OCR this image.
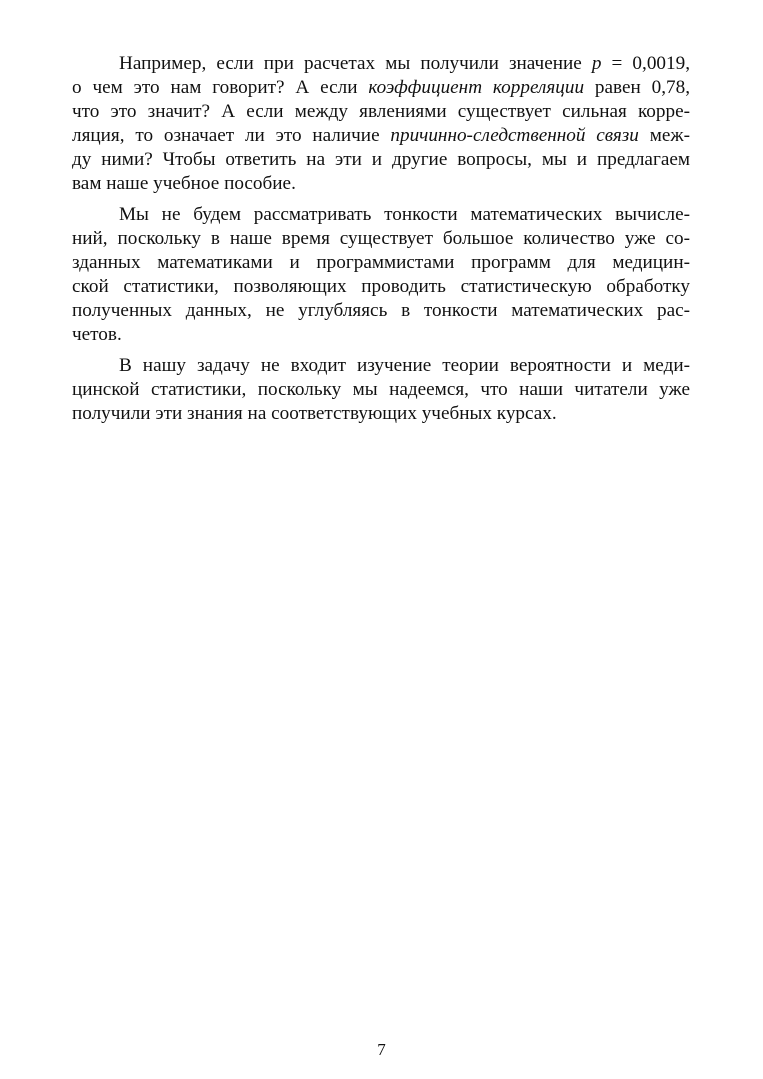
Например, если при расчетах мы получили значение p = 0,0019,
о чем это нам говорит? А если коэффициент корреляции равен 0,78,
что это значит? А если между явлениями существует сильная корре-
ляция, то означает ли это наличие причинно-следственной связи меж-
ду ними? Чтобы ответить на эти и другие вопросы, мы и предлагаем
вам наше учебное пособие.
Мы не будем рассматривать тонкости математических вычисле-
ний, поскольку в наше время существует большое количество уже со-
зданных математиками и программистами программ для медицин-
ской статистики, позволяющих проводить статистическую обработку
полученных данных, не углубляясь в тонкости математических рас-
четов.
В нашу задачу не входит изучение теории вероятности и меди-
цинской статистики, поскольку мы надеемся, что наши читатели уже
получили эти знания на соответствующих учебных курсах.
7
